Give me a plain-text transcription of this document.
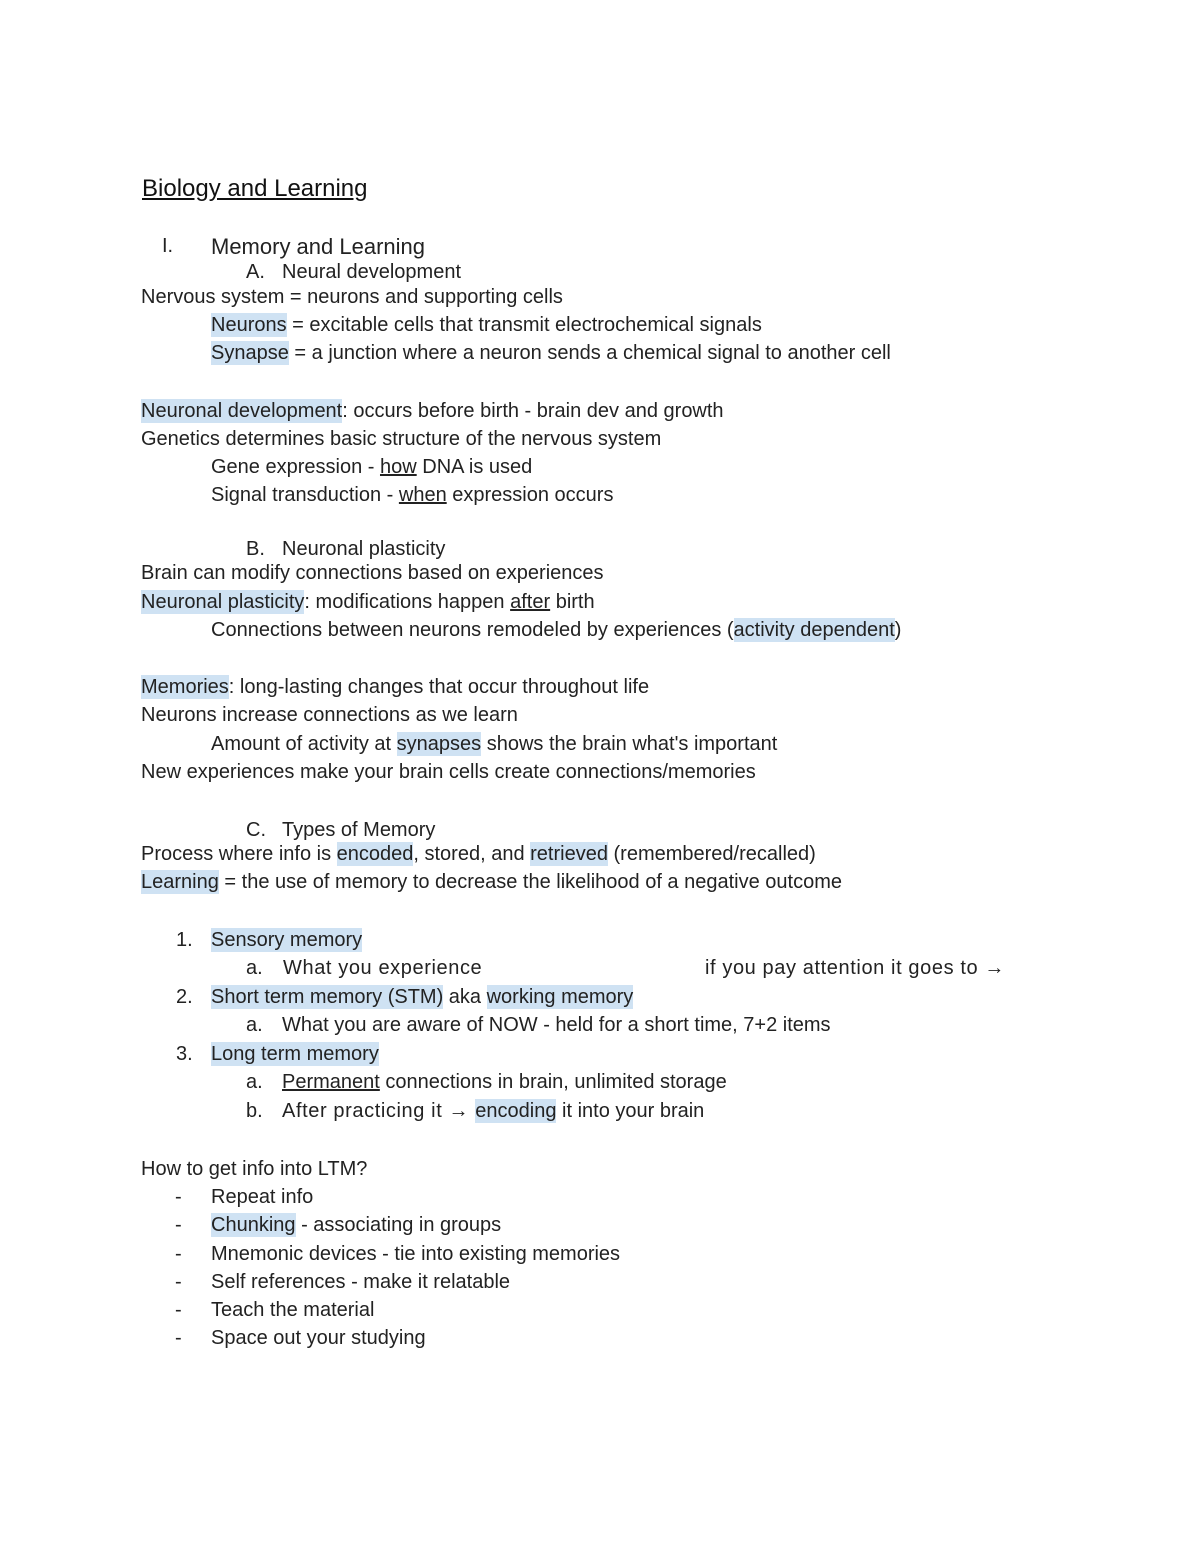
Biology and Learning
I. Memory and Learning
A. Neural development
Nervous system = neurons and supporting cells
Neurons = excitable cells that transmit electrochemical signals
Synapse = a junction where a neuron sends a chemical signal to another cell
Neuronal development: occurs before birth - brain dev and growth
Genetics determines basic structure of the nervous system
Gene expression - how DNA is used
Signal transduction - when expression occurs
B. Neuronal plasticity
Brain can modify connections based on experiences
Neuronal plasticity: modifications happen after birth
Connections between neurons remodeled by experiences (activity dependent)
Memories: long-lasting changes that occur throughout life
Neurons increase connections as we learn
Amount of activity at synapses shows the brain what's important
New experiences make your brain cells create connections/memories
C. Types of Memory
Process where info is encoded, stored, and retrieved (remembered/recalled)
Learning = the use of memory to decrease the likelihood of a negative outcome
1. Sensory memory
a. What you experience	if you pay attention it goes to →
2. Short term memory (STM) aka working memory
a. What you are aware of NOW - held for a short time, 7+2 items
3. Long term memory
a. Permanent connections in brain, unlimited storage
b. After practicing it → encoding it into your brain
How to get info into LTM?
- Repeat info
- Chunking - associating in groups
- Mnemonic devices - tie into existing memories
- Self references - make it relatable
- Teach the material
- Space out your studying
